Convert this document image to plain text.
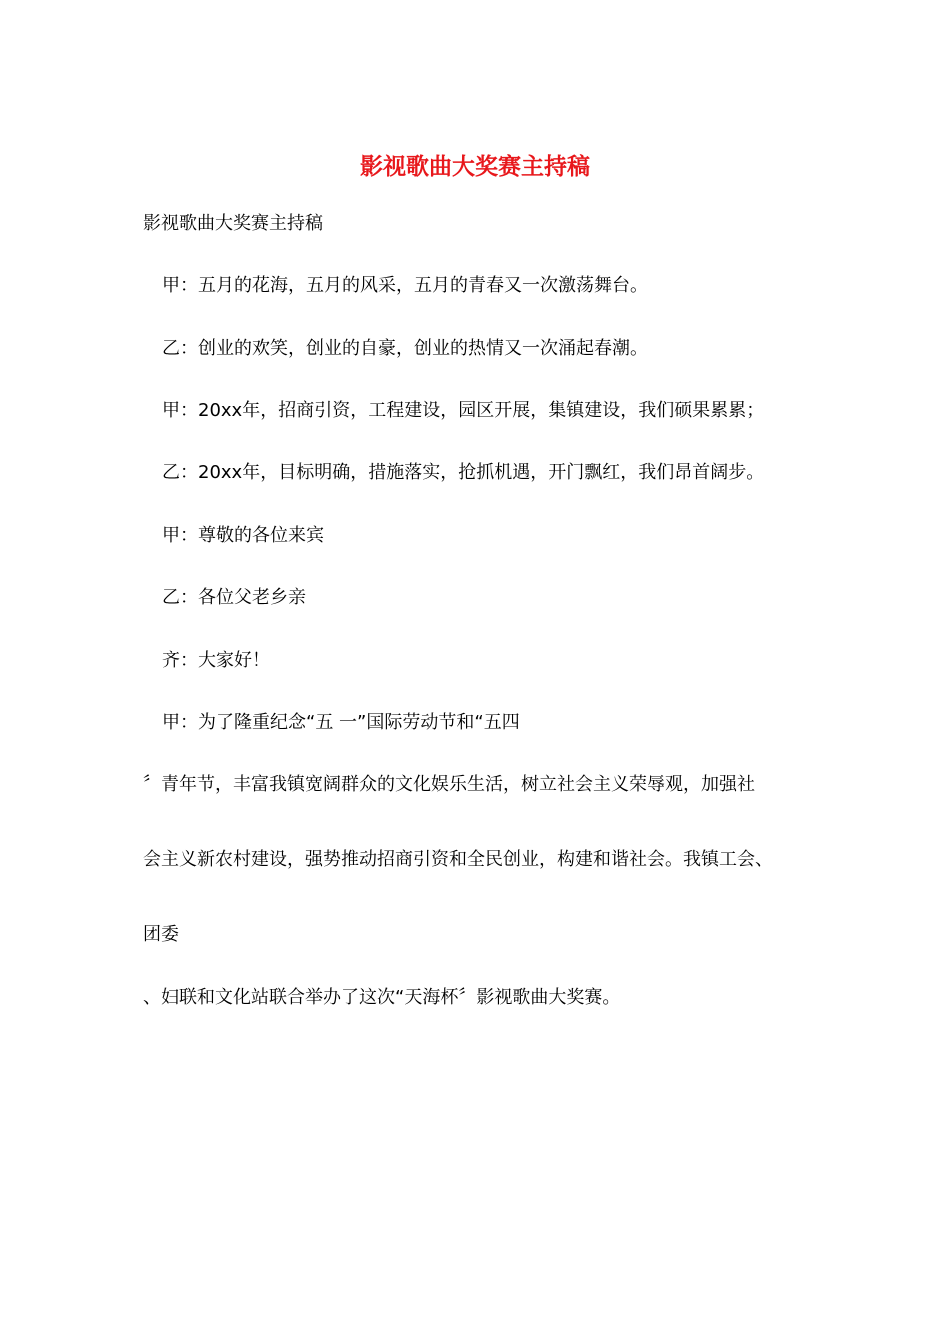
影视歌曲大奖赛主持稿
影视歌曲大奖赛主持稿
甲：五月的花海，五月的风采，五月的青春又一次激荡舞台。
乙：创业的欢笑，创业的自豪，创业的热情又一次涌起春潮。
甲：20xx年，招商引资，工程建设，园区开展，集镇建设，我们硕果累累；
乙：20xx年，目标明确，措施落实，抢抓机遇，开门飘红，我们昂首阔步。
甲：尊敬的各位来宾
乙：各位父老乡亲
齐：大家好！
甲：为了隆重纪念“五 一”国际劳动节和“五四
〞青年节，丰富我镇宽阔群众的文化娱乐生活，树立社会主义荣辱观，加强社
会主义新农村建设，强势推动招商引资和全民创业，构建和谐社会。我镇工会、
团委
、妇联和文化站联合举办了这次“天海杯〞影视歌曲大奖赛。
